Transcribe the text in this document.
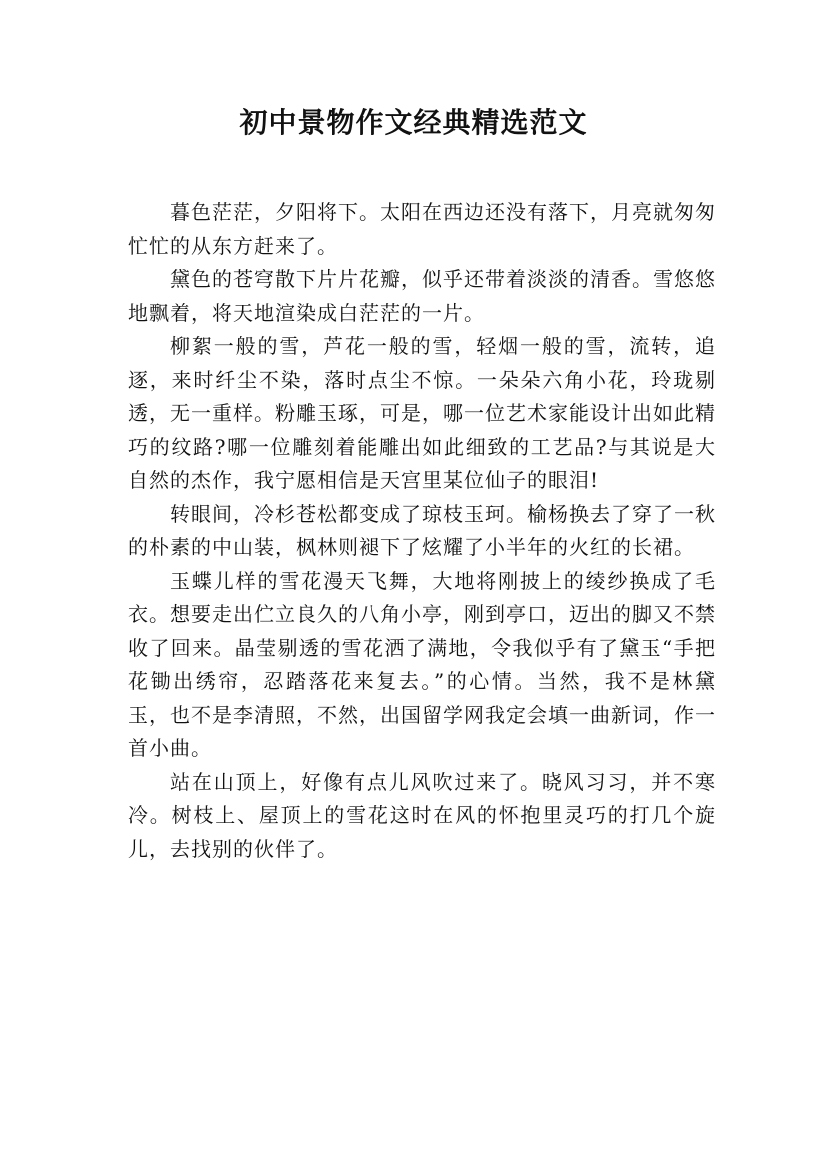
初中景物作文经典精选范文

暮色茫茫，夕阳将下。太阳在西边还没有落下，月亮就匆匆忙忙的从东方赶来了。

黛色的苍穹散下片片花瓣，似乎还带着淡淡的清香。雪悠悠地飘着，将天地渲染成白茫茫的一片。

柳絮一般的雪，芦花一般的雪，轻烟一般的雪，流转，追逐，来时纤尘不染，落时点尘不惊。一朵朵六角小花，玲珑剔透，无一重样。粉雕玉琢，可是，哪一位艺术家能设计出如此精巧的纹路?哪一位雕刻着能雕出如此细致的工艺品?与其说是大自然的杰作，我宁愿相信是天宫里某位仙子的眼泪!

转眼间，冷杉苍松都变成了琼枝玉珂。榆杨换去了穿了一秋的朴素的中山装，枫林则褪下了炫耀了小半年的火红的长裙。

玉蝶儿样的雪花漫天飞舞，大地将刚披上的绫纱换成了毛衣。想要走出伫立良久的八角小亭，刚到亭口，迈出的脚又不禁收了回来。晶莹剔透的雪花洒了满地，令我似乎有了黛玉“手把花锄出绣帘，忍踏落花来复去。”的心情。当然，我不是林黛玉，也不是李清照，不然，出国留学网我定会填一曲新词，作一首小曲。

站在山顶上，好像有点儿风吹过来了。晓风习习，并不寒冷。树枝上、屋顶上的雪花这时在风的怀抱里灵巧的打几个旋儿，去找别的伙伴了。
